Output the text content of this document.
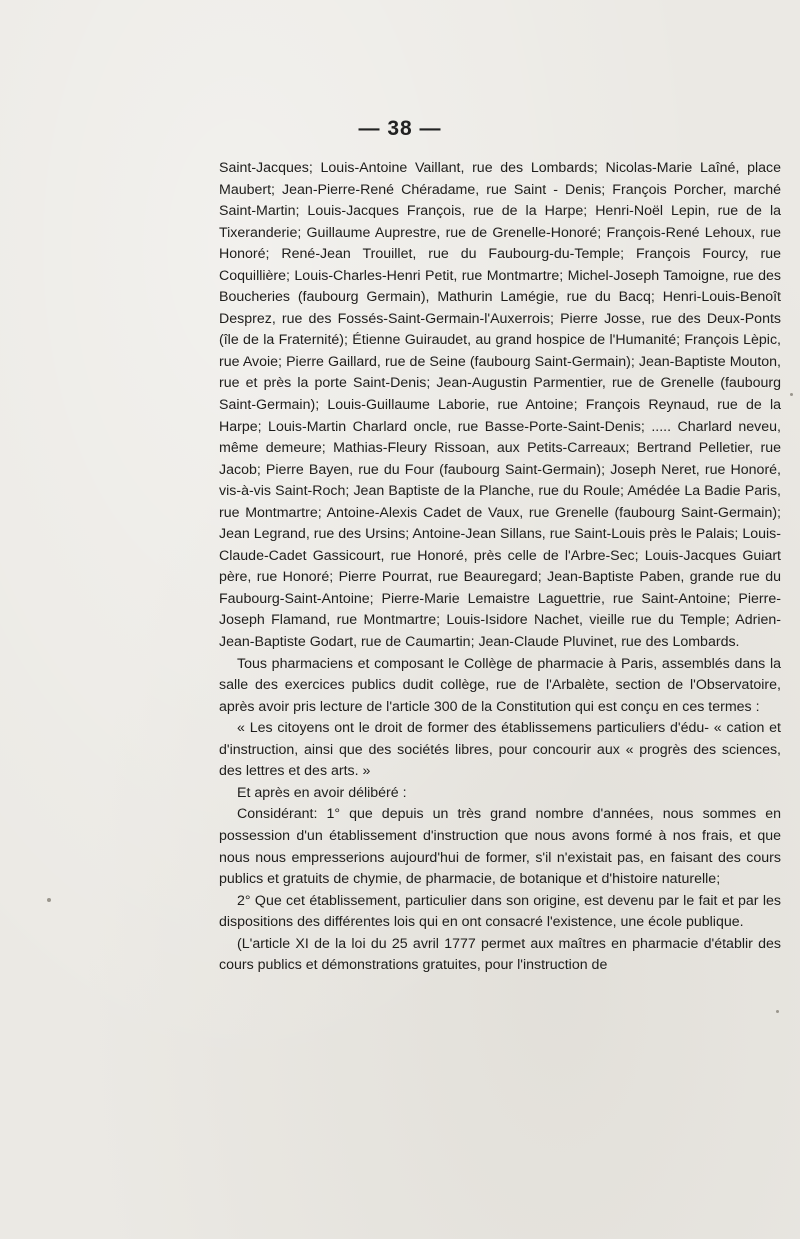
— 38 —

Saint-Jacques; Louis-Antoine Vaillant, rue des Lombards; Nicolas-Marie Laîné, place Maubert; Jean-Pierre-René Chéradame, rue Saint - Denis; François Porcher, marché Saint-Martin; Louis-Jacques François, rue de la Harpe; Henri-Noël Lepin, rue de la Tixeranderie; Guillaume Auprestre, rue de Grenelle-Honoré; François-René Lehoux, rue Honoré; René-Jean Trouillet, rue du Faubourg-du-Temple; François Fourcy, rue Coquillière; Louis-Charles-Henri Petit, rue Montmartre; Michel-Joseph Tamoigne, rue des Boucheries (faubourg Germain), Mathurin Lamégie, rue du Bacq; Henri-Louis-Benoît Desprez, rue des Fossés-Saint-Germain-l'Auxerrois; Pierre Josse, rue des Deux-Ponts (île de la Fraternité); Étienne Guiraudet, au grand hospice de l'Humanité; François Lèpic, rue Avoie; Pierre Gaillard, rue de Seine (faubourg Saint-Germain); Jean-Baptiste Mouton, rue et près la porte Saint-Denis; Jean-Augustin Parmentier, rue de Grenelle (faubourg Saint-Germain); Louis-Guillaume Laborie, rue Antoine; François Reynaud, rue de la Harpe; Louis-Martin Charlard oncle, rue Basse-Porte-Saint-Denis; ..... Charlard neveu, même demeure; Mathias-Fleury Rissoan, aux Petits-Carreaux; Bertrand Pelletier, rue Jacob; Pierre Bayen, rue du Four (faubourg Saint-Germain); Joseph Neret, rue Honoré, vis-à-vis Saint-Roch; Jean Baptiste de la Planche, rue du Roule; Amédée La Badie Paris, rue Montmartre; Antoine-Alexis Cadet de Vaux, rue Grenelle (faubourg Saint-Germain); Jean Legrand, rue des Ursins; Antoine-Jean Sillans, rue Saint-Louis près le Palais; Louis-Claude-Cadet Gassicourt, rue Honoré, près celle de l'Arbre-Sec; Louis-Jacques Guiart père, rue Honoré; Pierre Pourrat, rue Beauregard; Jean-Baptiste Paben, grande rue du Faubourg-Saint-Antoine; Pierre-Marie Lemaistre Laguettrie, rue Saint-Antoine; Pierre-Joseph Flamand, rue Montmartre; Louis-Isidore Nachet, vieille rue du Temple; Adrien-Jean-Baptiste Godart, rue de Caumartin; Jean-Claude Pluvinet, rue des Lombards.

Tous pharmaciens et composant le Collège de pharmacie à Paris, assemblés dans la salle des exercices publics dudit collège, rue de l'Arbalète, section de l'Observatoire, après avoir pris lecture de l'article 300 de la Constitution qui est conçu en ces termes :

« Les citoyens ont le droit de former des établissemens particuliers d'édu- « cation et d'instruction, ainsi que des sociétés libres, pour concourir aux « progrès des sciences, des lettres et des arts. »

Et après en avoir délibéré :

Considérant: 1° que depuis un très grand nombre d'années, nous sommes en possession d'un établissement d'instruction que nous avons formé à nos frais, et que nous nous empresserions aujourd'hui de former, s'il n'existait pas, en faisant des cours publics et gratuits de chymie, de pharmacie, de botanique et d'histoire naturelle;

2° Que cet établissement, particulier dans son origine, est devenu par le fait et par les dispositions des différentes lois qui en ont consacré l'existence, une école publique.

(L'article XI de la loi du 25 avril 1777 permet aux maîtres en pharmacie d'établir des cours publics et démonstrations gratuites, pour l'instruction de
